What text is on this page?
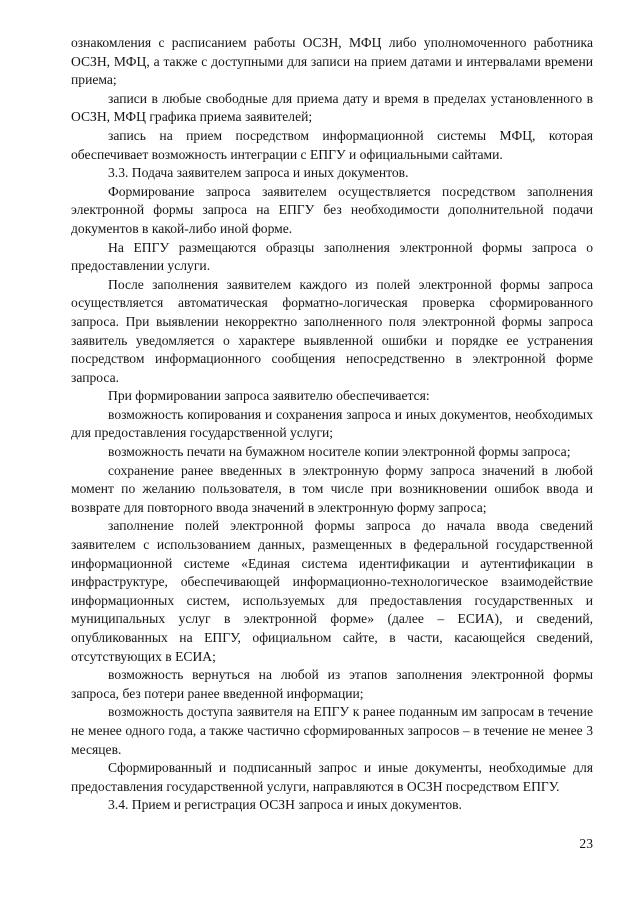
ознакомления с расписанием работы ОСЗН, МФЦ либо уполномоченного работника ОСЗН, МФЦ, а также с доступными для записи на прием датами и интервалами времени приема;

записи в любые свободные для приема дату и время в пределах установленного в ОСЗН, МФЦ графика приема заявителей;

запись на прием посредством информационной системы МФЦ, которая обеспечивает возможность интеграции с ЕПГУ и официальными сайтами.

3.3. Подача заявителем запроса и иных документов.

Формирование запроса заявителем осуществляется посредством заполнения электронной формы запроса на ЕПГУ без необходимости дополнительной подачи документов в какой-либо иной форме.

На ЕПГУ размещаются образцы заполнения электронной формы запроса о предоставлении услуги.

После заполнения заявителем каждого из полей электронной формы запроса осуществляется автоматическая форматно-логическая проверка сформированного запроса. При выявлении некорректно заполненного поля электронной формы запроса заявитель уведомляется о характере выявленной ошибки и порядке ее устранения посредством информационного сообщения непосредственно в электронной форме запроса.

При формировании запроса заявителю обеспечивается:

возможность копирования и сохранения запроса и иных документов, необходимых для предоставления государственной услуги;

возможность печати на бумажном носителе копии электронной формы запроса;

сохранение ранее введенных в электронную форму запроса значений в любой момент по желанию пользователя, в том числе при возникновении ошибок ввода и возврате для повторного ввода значений в электронную форму запроса;

заполнение полей электронной формы запроса до начала ввода сведений заявителем с использованием данных, размещенных в федеральной государственной информационной системе «Единая система идентификации и аутентификации в инфраструктуре, обеспечивающей информационно-технологическое взаимодействие информационных систем, используемых для предоставления государственных и муниципальных услуг в электронной форме» (далее – ЕСИА), и сведений, опубликованных на ЕПГУ, официальном сайте, в части, касающейся сведений, отсутствующих в ЕСИА;

возможность вернуться на любой из этапов заполнения электронной формы запроса, без потери ранее введенной информации;

возможность доступа заявителя на ЕПГУ к ранее поданным им запросам в течение не менее одного года, а также частично сформированных запросов – в течение не менее 3 месяцев.

Сформированный и подписанный запрос и иные документы, необходимые для предоставления государственной услуги, направляются в ОСЗН посредством ЕПГУ.

3.4. Прием и регистрация ОСЗН запроса и иных документов.

23
